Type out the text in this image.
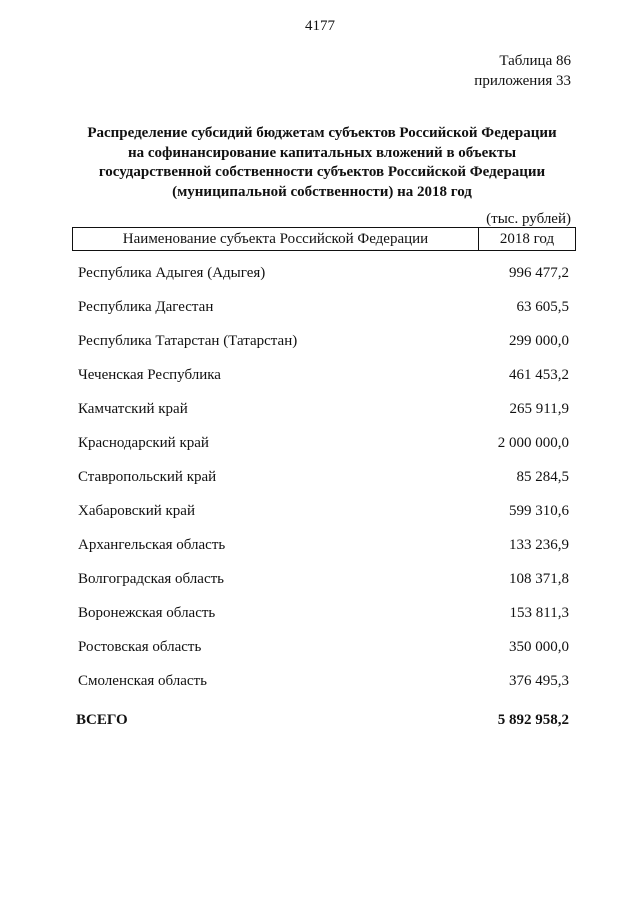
4177
Таблица 86
приложения 33
Распределение субсидий бюджетам субъектов Российской Федерации
на софинансирование капитальных вложений в объекты
государственной собственности субъектов Российской Федерации
(муниципальной собственности) на 2018 год
(тыс. рублей)
Наименование субъекта Российской Федерации	2018 год
Республика Адыгея (Адыгея)	996 477,2
Республика Дагестан	63 605,5
Республика Татарстан (Татарстан)	299 000,0
Чеченская Республика	461 453,2
Камчатский край	265 911,9
Краснодарский край	2 000 000,0
Ставропольский край	85 284,5
Хабаровский край	599 310,6
Архангельская область	133 236,9
Волгоградская область	108 371,8
Воронежская область	153 811,3
Ростовская область	350 000,0
Смоленская область	376 495,3
ВСЕГО	5 892 958,2
